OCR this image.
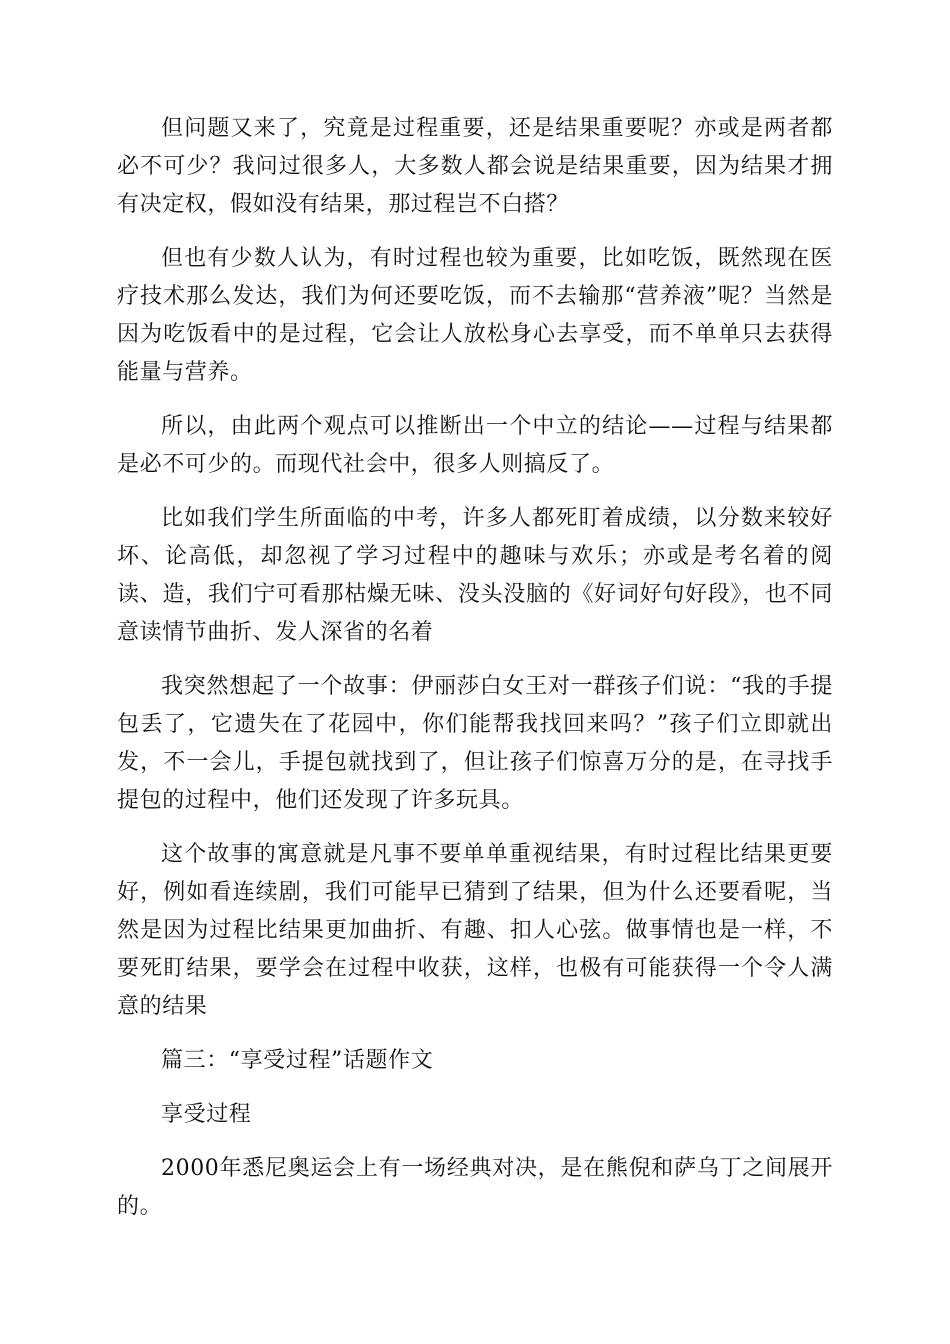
但问题又来了，究竟是过程重要，还是结果重要呢？亦或是两者都必不可少？我问过很多人，大多数人都会说是结果重要，因为结果才拥有决定权，假如没有结果，那过程岂不白搭？

但也有少数人认为，有时过程也较为重要，比如吃饭，既然现在医疗技术那么发达，我们为何还要吃饭，而不去输那“营养液”呢？当然是因为吃饭看中的是过程，它会让人放松身心去享受，而不单单只去获得能量与营养。

所以，由此两个观点可以推断出一个中立的结论——过程与结果都是必不可少的。而现代社会中，很多人则搞反了。

比如我们学生所面临的中考，许多人都死盯着成绩，以分数来较好坏、论高低，却忽视了学习过程中的趣味与欢乐；亦或是考名着的阅读、造，我们宁可看那枯燥无味、没头没脑的《好词好句好段》，也不同意读情节曲折、发人深省的名着

我突然想起了一个故事：伊丽莎白女王对一群孩子们说：“我的手提包丢了，它遗失在了花园中，你们能帮我找回来吗？”孩子们立即就出发，不一会儿，手提包就找到了，但让孩子们惊喜万分的是，在寻找手提包的过程中，他们还发现了许多玩具。

这个故事的寓意就是凡事不要单单重视结果，有时过程比结果更要好，例如看连续剧，我们可能早已猜到了结果，但为什么还要看呢，当然是因为过程比结果更加曲折、有趣、扣人心弦。做事情也是一样，不要死盯结果，要学会在过程中收获，这样，也极有可能获得一个令人满意的结果

篇三：“享受过程”话题作文

享受过程

2000年悉尼奥运会上有一场经典对决，是在熊倪和萨乌丁之间展开的。
